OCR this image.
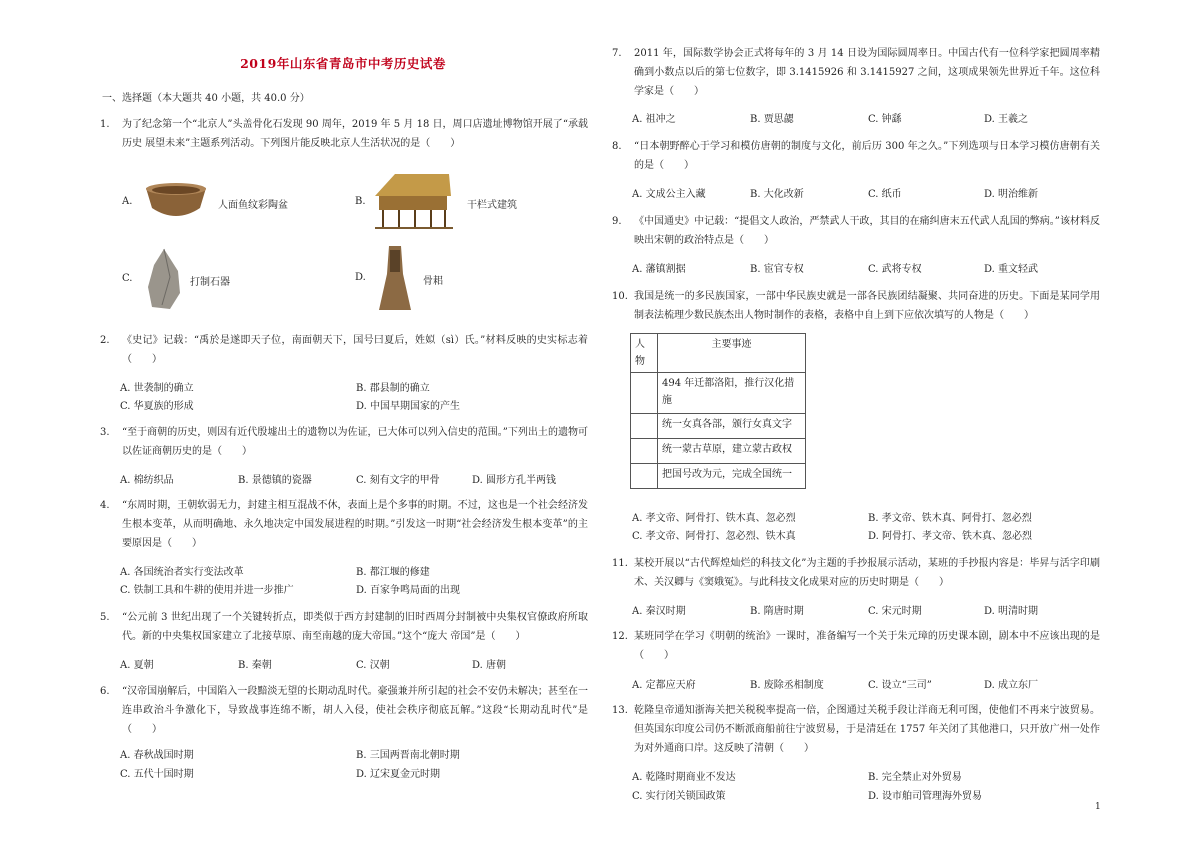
2019年山东省青岛市中考历史试卷
一、选择题（本大题共 40 小题，共 40.0 分）
1. 为了纪念第一个“北京人”头盖骨化石发现 90 周年，2019 年 5 月 18 日，周口店遗址博物馆开展了“承载历史 展望未来”主题系列活动。下列图片能反映北京人生活状况的是（　　）
A.	人面鱼纹彩陶盆	B.	干栏式建筑
C.	打制石器	D.	骨耜
2. 《史记》记载：“禹於是遂即天子位，南面朝天下，国号曰夏后，姓姒（sì）氏。”材料反映的史实标志着（　　）
A. 世袭制的确立	B. 郡县制的确立
C. 华夏族的形成	D. 中国早期国家的产生
3. “至于商朝的历史，则因有近代殷墟出土的遗物以为佐证，已大体可以列入信史的范围。”下列出土的遗物可以佐证商朝历史的是（　　）
A. 棉纺织品	B. 景德镇的瓷器	C. 刻有文字的甲骨	D. 圆形方孔半两钱
4. “东周时期，王朝软弱无力，封建主相互混战不休，表面上是个多事的时期。不过，这也是一个社会经济发生根本变革，从而明确地、永久地决定中国发展进程的时期。”引发这一时期“社会经济发生根本变革”的主要原因是（　　）
A. 各国统治者实行变法改革	B. 都江堰的修建
C. 铁制工具和牛耕的使用并进一步推广	D. 百家争鸣局面的出现
5. “公元前 3 世纪出现了一个关键转折点，即类似于西方封建制的旧时西周分封制被中央集权官僚政府所取代。新的中央集权国家建立了北接草原、南至南越的庞大帝国。”这个“庞大 帝国”是（　　）
A. 夏朝	B. 秦朝	C. 汉朝	D. 唐朝
6. “汉帝国崩解后，中国陷入一段黯淡无望的长期动乱时代。豪强兼并所引起的社会不安仍未解决；甚至在一连串政治斗争激化下，导致战事连绵不断，胡人入侵，使社会秩序彻底瓦解。”这段“长期动乱时代”是（　　）
A. 春秋战国时期	B. 三国两晋南北朝时期
C. 五代十国时期	D. 辽宋夏金元时期
7. 2011 年，国际数学协会正式将每年的 3 月 14 日设为国际圆周率日。中国古代有一位科学家把圆周率精确到小数点以后的第七位数字，即 3.1415926 和 3.1415927 之间，这项成果领先世界近千年。这位科学家是（　　）
A. 祖冲之	B. 贾思勰	C. 钟繇	D. 王羲之
8. “日本朝野醉心于学习和模仿唐朝的制度与文化，前后历 300 年之久。”下列选项与日本学习模仿唐朝有关的是（　　）
A. 文成公主入藏	B. 大化改新	C. 纸币	D. 明治维新
9. 《中国通史》中记载：“提倡文人政治，严禁武人干政，其目的在痛纠唐末五代武人乱国的弊病。”该材料反映出宋朝的政治特点是（　　）
A. 藩镇割据	B. 宦官专权	C. 武将专权	D. 重文轻武
10. 我国是统一的多民族国家，一部中华民族史就是一部各民族团结凝聚、共同奋进的历史。下面是某同学用制表法梳理少数民族杰出人物时制作的表格，表格中自上到下应依次填写的人物是（　　）
人物	主要事迹
	494 年迁都洛阳，推行汉化措施
	统一女真各部，颁行女真文字
	统一蒙古草原，建立蒙古政权
	把国号改为元，完成全国统一
A. 孝文帝、阿骨打、铁木真、忽必烈	B. 孝文帝、铁木真、阿骨打、忽必烈
C. 孝文帝、阿骨打、忽必烈、铁木真	D. 阿骨打、孝文帝、铁木真、忽必烈
11. 某校开展以“古代辉煌灿烂的科技文化”为主题的手抄报展示活动，某班的手抄报内容是：毕昇与活字印刷术、关汉卿与《窦娥冤》。与此科技文化成果对应的历史时期是（　　）
A. 秦汉时期	B. 隋唐时期	C. 宋元时期	D. 明清时期
12. 某班同学在学习《明朝的统治》一课时，准备编写一个关于朱元璋的历史课本剧，剧本中不应该出现的是（　　）
A. 定都应天府	B. 废除丞相制度	C. 设立“三司”	D. 成立东厂
13. 乾隆皇帝通知浙海关把关税税率提高一倍，企图通过关税手段让洋商无利可图，使他们不再来宁波贸易。但英国东印度公司仍不断派商船前往宁波贸易，于是清廷在 1757 年关闭了其他港口，只开放广州一处作为对外通商口岸。这反映了清朝（　　）
A. 乾隆时期商业不发达	B. 完全禁止对外贸易
C. 实行闭关锁国政策	D. 设市舶司管理海外贸易
1
